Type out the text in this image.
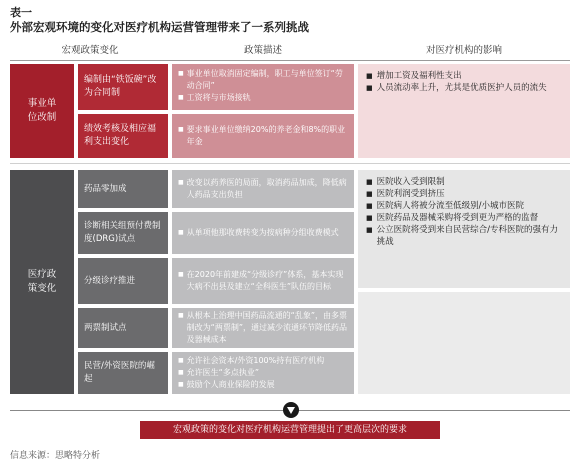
表一
外部宏观环境的变化对医疗机构运营管理带来了一系列挑战
宏观政策变化	政策描述	对医疗机构的影响
事业单位改制
编制由“铁饭碗”改为合同制
■ 事业单位取消固定编制，职工与单位签订“劳动合同”
■ 工资将与市场接轨
绩效考核及相应福利支出变化
■ 要求事业单位缴纳20%的养老金和8%的职业年金
■ 增加工资及福利性支出
■ 人员流动率上升，尤其是优质医护人员的流失
医疗政策变化
药品零加成
■ 改变以药养医的局面，取消药品加成，降低病人药品支出负担
诊断相关组预付费制度(DRG)试点
■ 从单项他那收费转变为按病种分组收费模式
分级诊疗推进
■ 在2020年前建成“分级诊疗”体系，基本实现大病不出县及建立“全科医生”队伍的目标
两票制试点
■ 从根本上治理中国药品流通的“乱象”，由多票制改为“两票制”，通过减少流通环节降低药品及器械成本
民营/外资医院的崛起
■ 允许社会资本/外资100%持有医疗机构
■ 允许医生“多点执业”
■ 鼓励个人商业保险的发展
■ 医院收入受到限制
■ 医院利润受到挤压
■ 医院病人将被分流至低级别/小城市医院
■ 医院药品及器械采购将受到更为严格的监督
■ 公立医院将受到来自民营综合/专科医院的强有力挑战
宏观政策的变化对医疗机构运营管理提出了更高层次的要求
信息来源：思略特分析
